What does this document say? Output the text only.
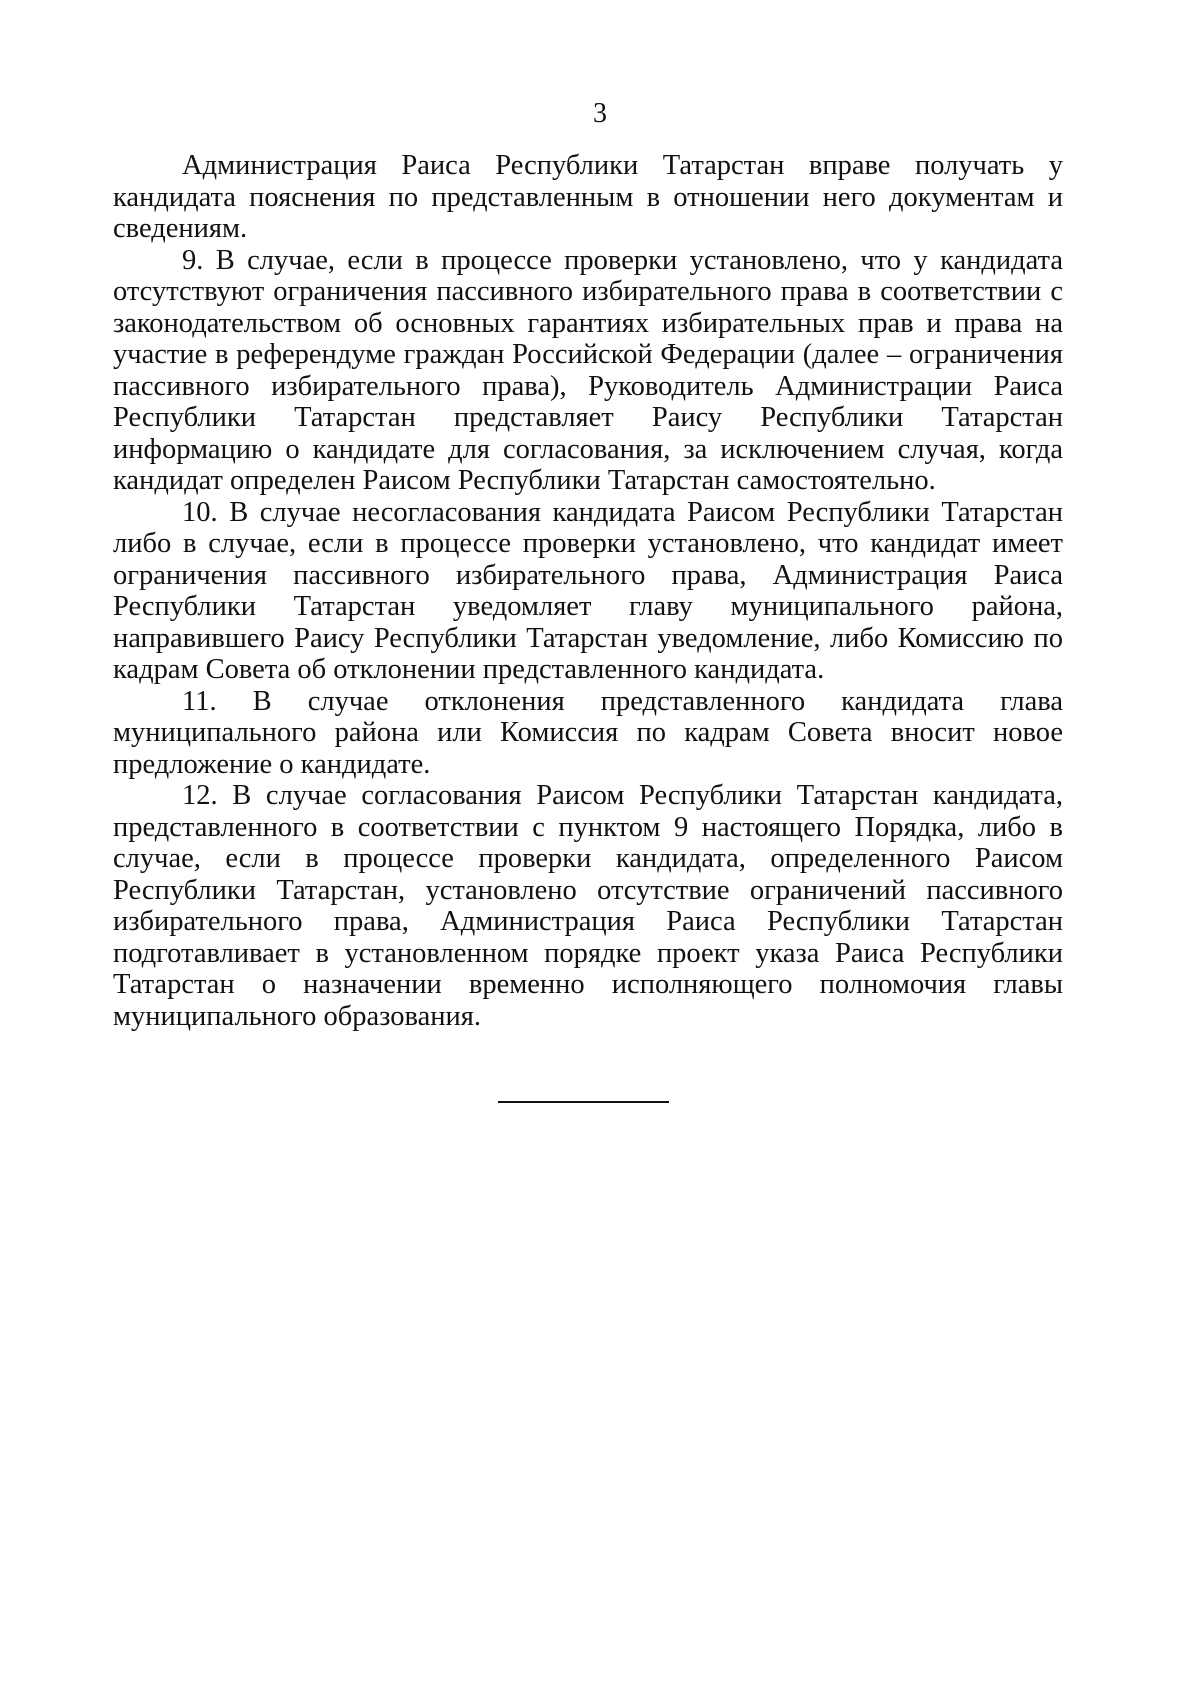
3

Администрация Раиса Республики Татарстан вправе получать у кандидата пояснения по представленным в отношении него документам и сведениям.

9. В случае, если в процессе проверки установлено, что у кандидата отсутствуют ограничения пассивного избирательного права в соответствии с законодательством об основных гарантиях избирательных прав и права на участие в референдуме граждан Российской Федерации (далее – ограничения пассивного избирательного права), Руководитель Администрации Раиса Республики Татарстан представляет Раису Республики Татарстан информацию о кандидате для согласования, за исключением случая, когда кандидат определен Раисом Республики Татарстан самостоятельно.

10. В случае несогласования кандидата Раисом Республики Татарстан либо в случае, если в процессе проверки установлено, что кандидат имеет ограничения пассивного избирательного права, Администрация Раиса Республики Татарстан уведомляет главу муниципального района, направившего Раису Республики Татарстан уведомление, либо Комиссию по кадрам Совета об отклонении представленного кандидата.

11. В случае отклонения представленного кандидата глава муниципального района или Комиссия по кадрам Совета вносит новое предложение о кандидате.

12. В случае согласования Раисом Республики Татарстан кандидата, представленного в соответствии с пунктом 9 настоящего Порядка, либо в случае, если в процессе проверки кандидата, определенного Раисом Республики Татарстан, установлено отсутствие ограничений пассивного избирательного права, Администрация Раиса Республики Татарстан подготавливает в установленном порядке проект указа Раиса Республики Татарстан о назначении временно исполняющего полномочия главы муниципального образования.
